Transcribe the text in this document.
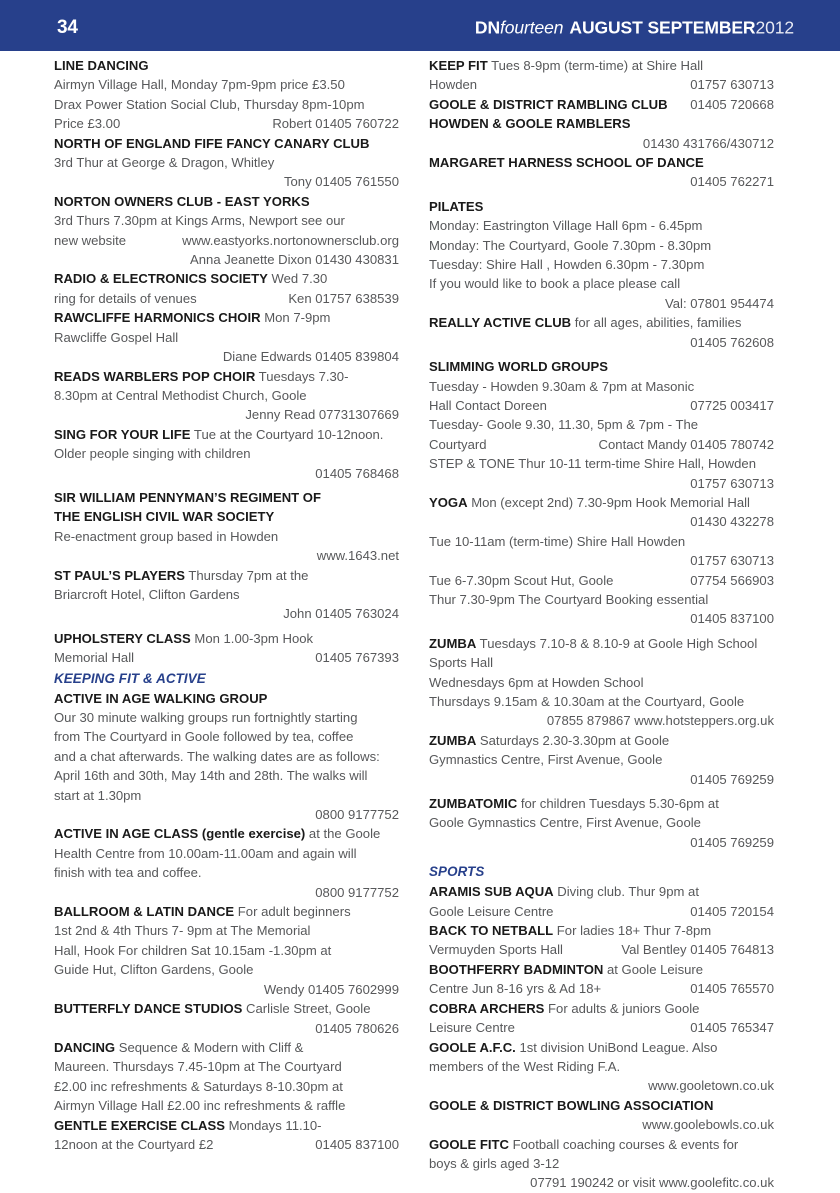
34	DNfourteen AUGUST SEPTEMBER2012
LINE DANCING
Airmyn Village Hall, Monday 7pm-9pm price £3.50
Drax Power Station Social Club, Thursday 8pm-10pm
Price £3.00	Robert 01405 760722
NORTH OF ENGLAND FIFE FANCY CANARY CLUB
3rd Thur at George & Dragon, Whitley
Tony 01405 761550
NORTON OWNERS CLUB - EAST YORKS
3rd Thurs 7.30pm at Kings Arms, Newport see our
new website	www.eastyorks.nortonownersclub.org
Anna Jeanette Dixon 01430 430831
RADIO & ELECTRONICS SOCIETY Wed 7.30
ring for details of venues	Ken 01757 638539
RAWCLIFFE HARMONICS CHOIR Mon 7-9pm
Rawcliffe Gospel Hall
Diane Edwards 01405 839804
READS WARBLERS POP CHOIR Tuesdays 7.30-
8.30pm at Central Methodist Church, Goole
Jenny Read 07731307669
SING FOR YOUR LIFE Tue at the Courtyard 10-12noon.
Older people singing with children
01405 768468
SIR WILLIAM PENNYMAN’S REGIMENT OF
THE ENGLISH CIVIL WAR SOCIETY
Re-enactment group based in Howden
www.1643.net
ST PAUL’S PLAYERS Thursday 7pm at the
Briarcroft Hotel, Clifton Gardens
John 01405 763024
UPHOLSTERY CLASS Mon 1.00-3pm Hook
Memorial Hall	01405 767393
KEEPING FIT & ACTIVE
ACTIVE IN AGE WALKING GROUP
Our 30 minute walking groups run fortnightly starting
from The Courtyard in Goole followed by tea, coffee
and a chat afterwards. The walking dates are as follows:
April 16th and 30th, May 14th and 28th. The walks will
start at 1.30pm
0800 9177752
ACTIVE IN AGE CLASS (gentle exercise) at the Goole
Health Centre from 10.00am-11.00am and again will
finish with tea and coffee.
0800 9177752
BALLROOM & LATIN DANCE For adult beginners
1st 2nd & 4th Thurs 7- 9pm at The Memorial
Hall, Hook For children Sat 10.15am -1.30pm at
Guide Hut, Clifton Gardens, Goole
Wendy 01405 7602999
BUTTERFLY DANCE STUDIOS Carlisle Street, Goole
01405 780626
DANCING Sequence & Modern with Cliff &
Maureen. Thursdays 7.45-10pm at The Courtyard
£2.00 inc refreshments & Saturdays 8-10.30pm at
Airmyn Village Hall £2.00 inc refreshments & raffle
GENTLE EXERCISE CLASS Mondays 11.10-
12noon at the Courtyard £2	01405 837100
KEEP FIT Tues 8-9pm (term-time) at Shire Hall
Howden	01757 630713
GOOLE & DISTRICT RAMBLING CLUB 01405 720668
HOWDEN & GOOLE RAMBLERS
01430 431766/430712
MARGARET HARNESS SCHOOL OF DANCE
01405 762271
PILATES
Monday: Eastrington Village Hall 6pm - 6.45pm
Monday: The Courtyard, Goole 7.30pm - 8.30pm
Tuesday: Shire Hall , Howden 6.30pm - 7.30pm
If you would like to book a place please call
Val: 07801 954474
REALLY ACTIVE CLUB for all ages, abilities, families
01405 762608
SLIMMING WORLD GROUPS
Tuesday - Howden 9.30am & 7pm at Masonic
Hall Contact Doreen	07725 003417
Tuesday- Goole 9.30, 11.30, 5pm & 7pm - The
Courtyard	Contact Mandy 01405 780742
STEP & TONE Thur 10-11 term-time Shire Hall, Howden
01757 630713
YOGA Mon (except 2nd) 7.30-9pm Hook Memorial Hall
01430 432278
Tue 10-11am (term-time) Shire Hall Howden
01757 630713
Tue 6-7.30pm Scout Hut, Goole	07754 566903
Thur 7.30-9pm The Courtyard Booking essential
01405 837100
ZUMBA Tuesdays 7.10-8 & 8.10-9 at Goole High School
Sports Hall
Wednesdays 6pm at Howden School
Thursdays 9.15am & 10.30am at the Courtyard, Goole
07855 879867 www.hotsteppers.org.uk
ZUMBA Saturdays 2.30-3.30pm at Goole
Gymnastics Centre, First Avenue, Goole
01405 769259
ZUMBATOMIC for children Tuesdays 5.30-6pm at
Goole Gymnastics Centre, First Avenue, Goole
01405 769259
SPORTS
ARAMIS SUB AQUA Diving club. Thur 9pm at
Goole Leisure Centre	01405 720154
BACK TO NETBALL For ladies 18+ Thur 7-8pm
Vermuyden Sports Hall	Val Bentley 01405 764813
BOOTHFERRY BADMINTON at Goole Leisure
Centre Jun 8-16 yrs & Ad 18+	01405 765570
COBRA ARCHERS For adults & juniors Goole
Leisure Centre	01405 765347
GOOLE A.F.C. 1st division UniBond League. Also
members of the West Riding F.A.
www.gooletown.co.uk
GOOLE & DISTRICT BOWLING ASSOCIATION
www.goolebowls.co.uk
GOOLE FITC Football coaching courses & events for
boys & girls aged 3-12
07791 190242 or visit www.goolefitc.co.uk
